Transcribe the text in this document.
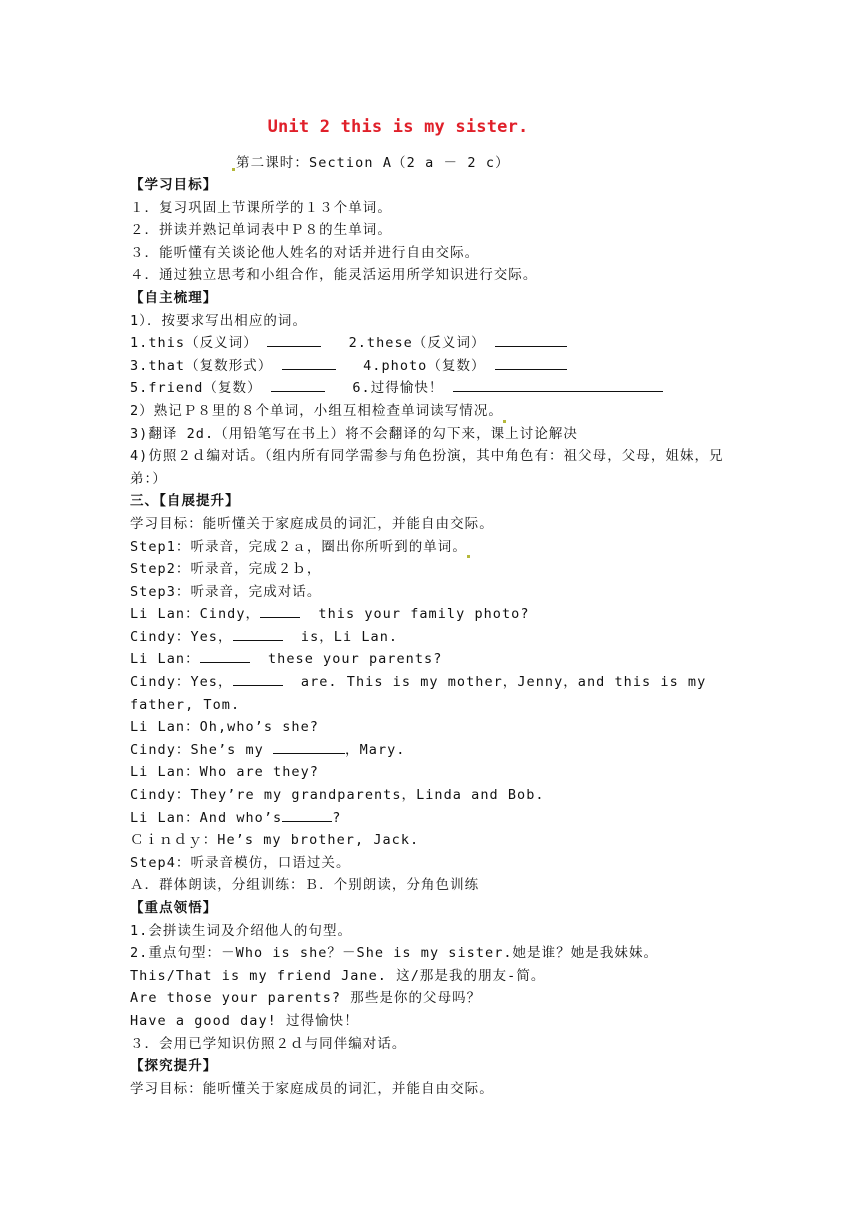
Unit 2 this is my sister.
第二课时：Section A（2 a － 2 c）
【学习目标】
１．复习巩固上节课所学的１３个单词。
２．拼读并熟记单词表中Ｐ８的生单词。
３．能听懂有关谈论他人姓名的对话并进行自由交际。
４．通过独立思考和小组合作，能灵活运用所学知识进行交际。
【自主梳理】
1）．按要求写出相应的词。
1.this（反义词）	2.these（反义词）
3.that（复数形式）	4.photo（复数）
5.friend（复数）	6.过得愉快！
2）熟记Ｐ８里的８个单词，小组互相检查单词读写情况。
3)翻译 2d.（用铅笔写在书上）将不会翻译的勾下来，课上讨论解决
4)仿照２ｄ编对话。（组内所有同学需参与角色扮演，其中角色有：祖父母，父母，姐妹，兄弟：）
三、【自展提升】
学习目标：能听懂关于家庭成员的词汇，并能自由交际。
Step1：听录音，完成２ａ，圈出你所听到的单词。
Step2：听录音，完成２ｂ，
Step3：听录音，完成对话。
Li Lan：Cindy，	this your family photo?
Cindy：Yes，	is，Li Lan.
Li Lan：	these your parents?
Cindy：Yes，	are. This is my mother，Jenny，and this is my father, Tom.
Li Lan：Oh,who’s she?
Cindy：She’s my	，Mary.
Li Lan：Who are they?
Cindy：They’re my grandparents，Linda and Bob.
Li Lan：And who’s	?
Ｃｉｎｄｙ：He’s my brother, Jack.
Step4：听录音模仿，口语过关。
Ａ．群体朗读，分组训练：Ｂ．个别朗读，分角色训练
【重点领悟】
1.会拼读生词及介绍他人的句型。
2.重点句型：－Who is she？－She is my sister.她是谁？她是我妹妹。
This/That is my friend Jane. 这/那是我的朋友-简。
Are those your parents? 那些是你的父母吗？
Have a good day! 过得愉快！
３．会用已学知识仿照２ｄ与同伴编对话。
【探究提升】
学习目标：能听懂关于家庭成员的词汇，并能自由交际。
